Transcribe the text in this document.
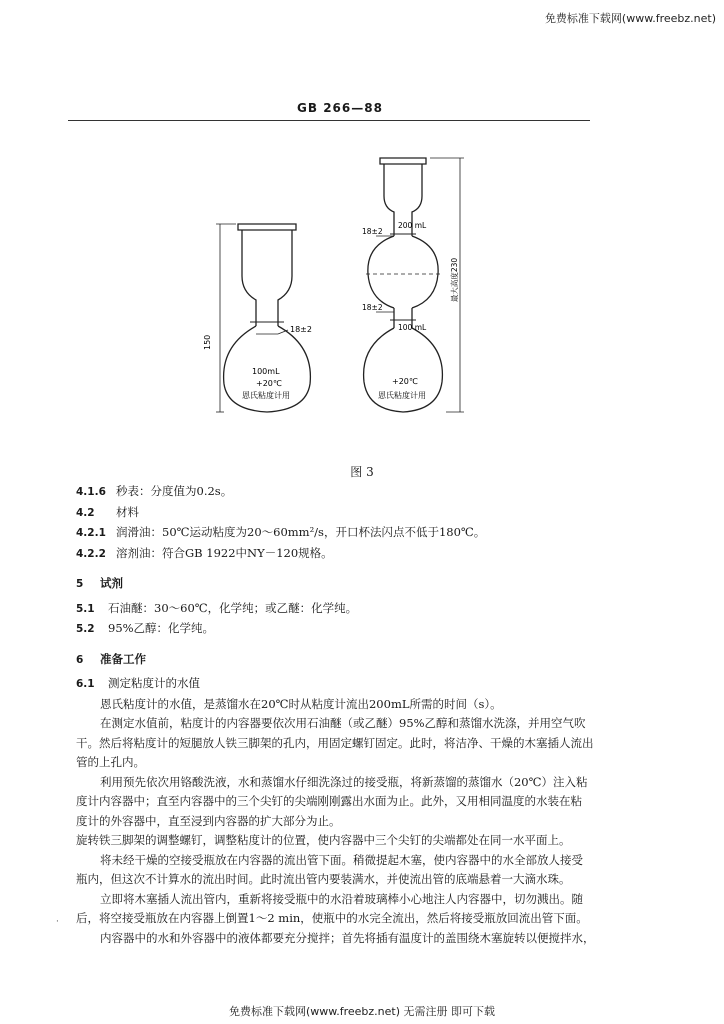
免费标准下载网(www.freebz.net)
GB 266—88
150
18±2
100mL
+20℃
恩氏粘度计用
18±2
200 mL
18±2
100 mL
最大高度230
+20℃
恩氏粘度计用
图 3
4.1.6 秒表：分度值为0.2s。
4.2 材料
4.2.1 润滑油：50℃运动粘度为20～60mm²/s，开口杯法闪点不低于180℃。
4.2.2 溶剂油：符合GB 1922中NY－120规格。
5 试剂
5.1 石油醚：30～60℃，化学纯；或乙醚：化学纯。
5.2 95%乙醇：化学纯。
6 准备工作
6.1 测定粘度计的水值
恩氏粘度计的水值，是蒸馏水在20℃时从粘度计流出200mL所需的时间（s）。
在测定水值前，粘度计的内容器要依次用石油醚（或乙醚）95%乙醇和蒸馏水洗涤，并用空气吹
干。然后将粘度计的短腿放人铁三脚架的孔内，用固定螺钉固定。此时，将洁净、干燥的木塞插人流出
管的上孔内。
利用预先依次用铬酸洗液，水和蒸馏水仔细洗涤过的接受瓶，将新蒸馏的蒸馏水（20℃）注入粘
度计内容器中；直至内容器中的三个尖钉的尖端刚刚露出水面为止。此外，又用相同温度的水装在粘
度计的外容器中，直至浸到内容器的扩大部分为止。
旋转铁三脚架的调整螺钉，调整粘度计的位置，使内容器中三个尖钉的尖端都处在同一水平面上。
将未经干燥的空接受瓶放在内容器的流出管下面。稍微提起木塞，使内容器中的水全部放人接受
瓶内，但这次不计算水的流出时间。此时流出管内要装满水，并使流出管的底端悬着一大滴水珠。
立即将木塞插人流出管内，重新将接受瓶中的水沿着玻璃棒小心地注人内容器中，切勿溅出。随
后，将空接受瓶放在内容器上倒置1～2 min，使瓶中的水完全流出，然后将接受瓶放回流出管下面。
内容器中的水和外容器中的液体都要充分搅拌；首先将插有温度计的盖围绕木塞旋转以便搅拌水，
·
免费标准下载网(www.freebz.net) 无需注册 即可下载
